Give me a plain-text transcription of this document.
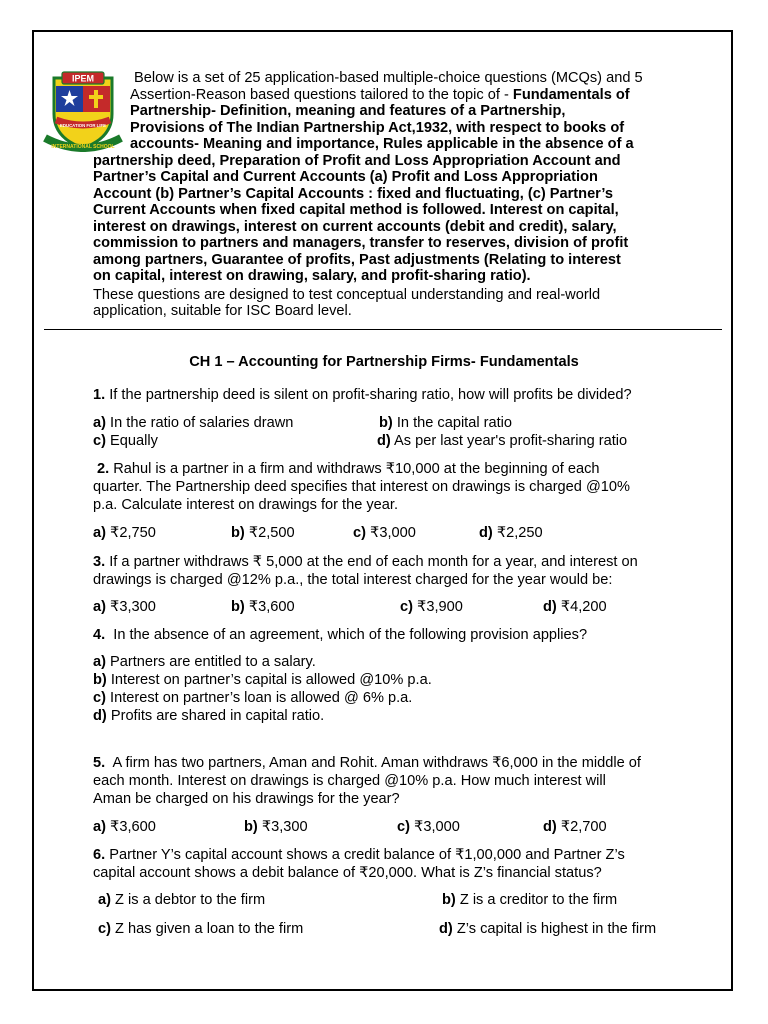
IPEM
EDUCATION FOR LIFE
INTERNATIONAL SCHOOL
Below is a set of 25 application-based multiple-choice questions (MCQs) and 5
Assertion-Reason based questions tailored to the topic of - Fundamentals of
Partnership- Definition, meaning and features of a Partnership,
Provisions of The Indian Partnership Act,1932, with respect to books of
accounts- Meaning and importance, Rules applicable in the absence of a
partnership deed, Preparation of Profit and Loss Appropriation Account and
Partner’s Capital and Current Accounts (a) Profit and Loss Appropriation
Account (b) Partner’s Capital Accounts : fixed and fluctuating, (c) Partner’s
Current Accounts when fixed capital method is followed. Interest on capital,
interest on drawings, interest on current accounts (debit and credit), salary,
commission to partners and managers, transfer to reserves, division of profit
among partners, Guarantee of profits, Past adjustments (Relating to interest
on capital, interest on drawing, salary, and profit-sharing ratio).
These questions are designed to test conceptual understanding and real-world
application, suitable for ISC Board level.
CH 1 – Accounting for Partnership Firms- Fundamentals
1. If the partnership deed is silent on profit-sharing ratio, how will profits be divided?
a) In the ratio of salaries drawn	b) In the capital ratio
c) Equally	d) As per last year's profit-sharing ratio
2. Rahul is a partner in a firm and withdraws ₹10,000 at the beginning of each
quarter. The Partnership deed specifies that interest on drawings is charged @10%
p.a. Calculate interest on drawings for the year.
a) ₹2,750	b) ₹2,500	c) ₹3,000	d) ₹2,250
3. If a partner withdraws ₹ 5,000 at the end of each month for a year, and interest on
drawings is charged @12% p.a., the total interest charged for the year would be:
a) ₹3,300	b) ₹3,600	c) ₹3,900	d) ₹4,200
4. In the absence of an agreement, which of the following provision applies?
a) Partners are entitled to a salary.
b) Interest on partner’s capital is allowed @10% p.a.
c) Interest on partner’s loan is allowed @ 6% p.a.
d) Profits are shared in capital ratio.
5. A firm has two partners, Aman and Rohit. Aman withdraws ₹6,000 in the middle of
each month. Interest on drawings is charged @10% p.a. How much interest will
Aman be charged on his drawings for the year?
a) ₹3,600	b) ₹3,300	c) ₹3,000	d) ₹2,700
6. Partner Y’s capital account shows a credit balance of ₹1,00,000 and Partner Z’s
capital account shows a debit balance of ₹20,000. What is Z’s financial status?
a) Z is a debtor to the firm	b) Z is a creditor to the firm
c) Z has given a loan to the firm	d) Z’s capital is highest in the firm
